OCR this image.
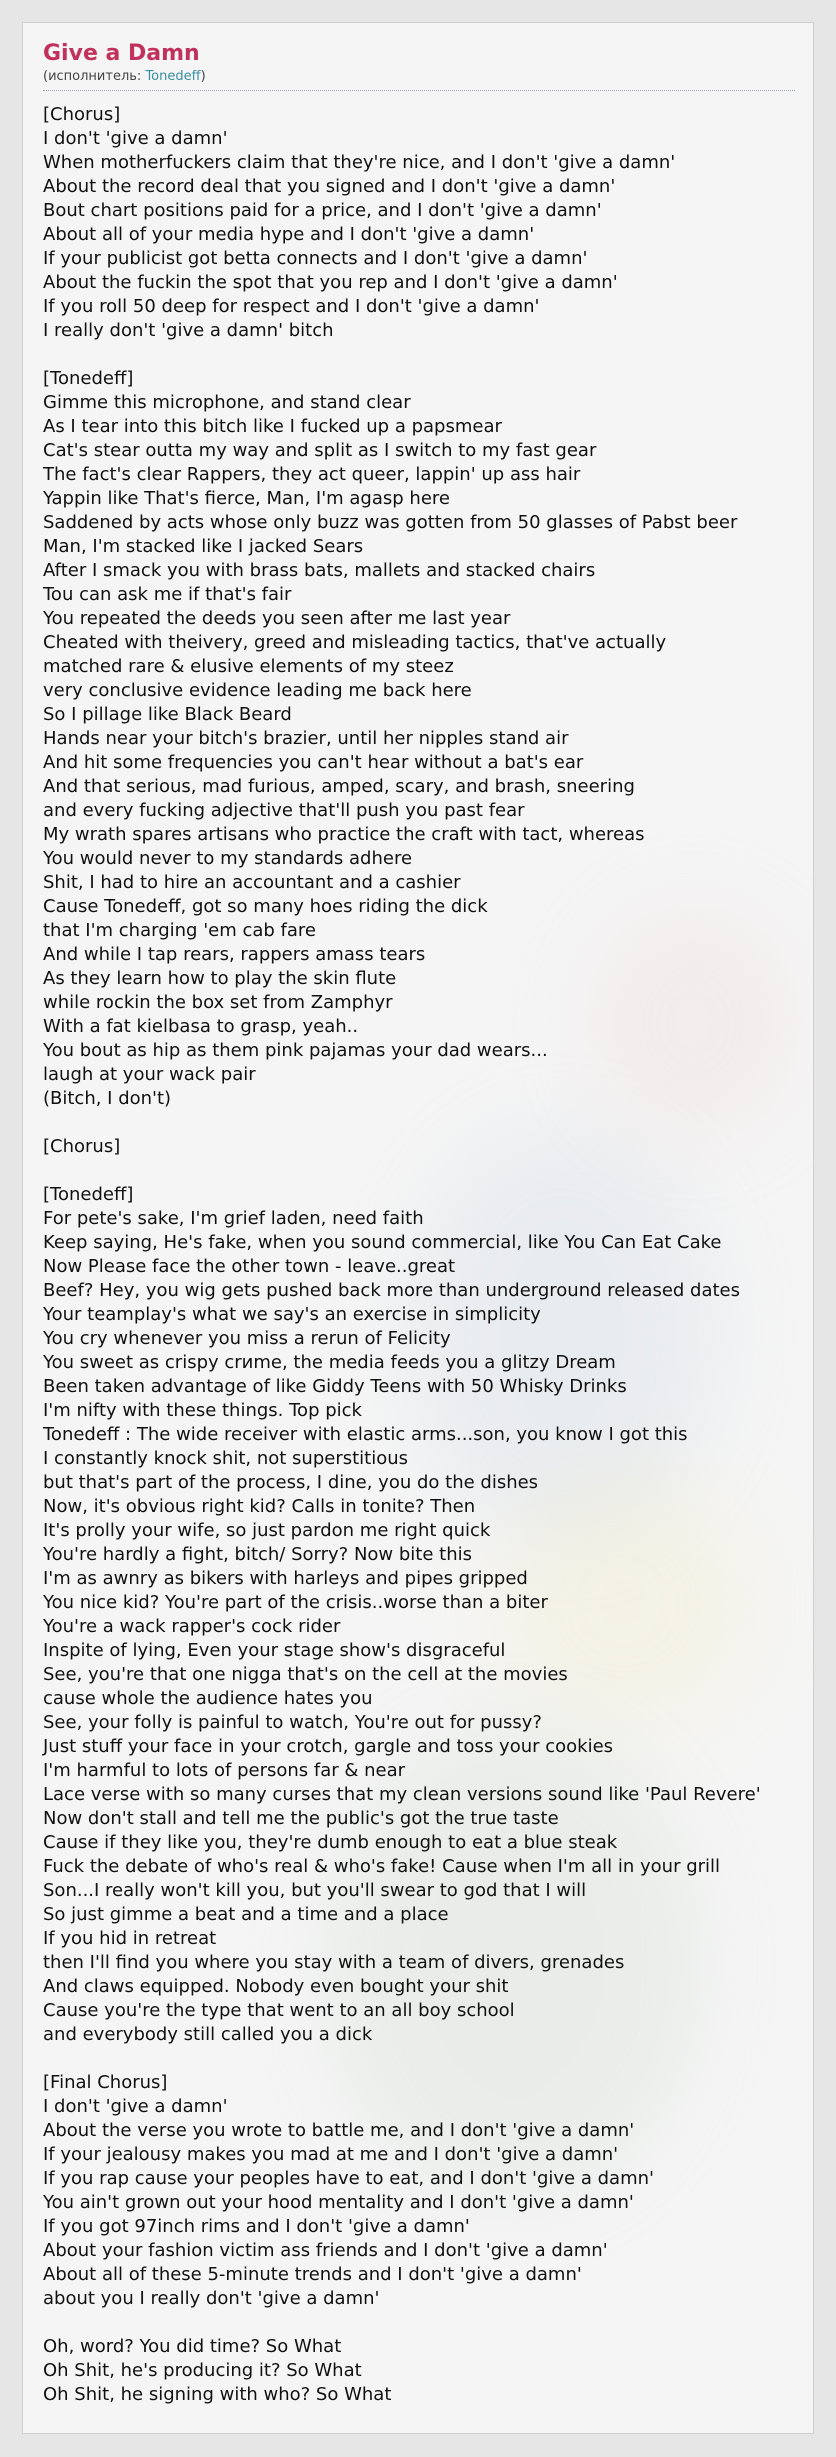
Give a Damn
(исполнитель: Tonedeff)
[Chorus]
I don't 'give a damn'
When motherfuckers claim that they're nice, and I don't 'give a damn'
About the record deal that you signed and I don't 'give a damn'
Bout chart positions paid for a price, and I don't 'give a damn'
About all of your media hype and I don't 'give a damn'
If your publicist got betta connects and I don't 'give a damn'
About the fuckin the spot that you rep and I don't 'give a damn'
If you roll 50 deep for respect and I don't 'give a damn'
I really don't 'give a damn' bitch
[Tonedeff]
Gimme this microphone, and stand clear
As I tear into this bitch like I fucked up a papsmear
Cat's stear outta my way and split as I switch to my fast gear
The fact's clear Rappers, they act queer, lappin' up ass hair
Yappin like That's fierce, Man, I'm agasp here
Saddened by acts whose only buzz was gotten from 50 glasses of Pabst beer
Man, I'm stacked like I jacked Sears
After I smack you with brass bats, mallets and stacked chairs
Tou can ask me if that's fair
You repeated the deeds you seen after me last year
Cheated with theivery, greed and misleading tactics, that've actually
matched rare & elusive elements of my steez
very conclusive evidence leading me back here
So I pillage like Black Beard
Hands near your bitch's brazier, until her nipples stand air
And hit some frequencies you can't hear without a bat's ear
And that serious, mad furious, amped, scary, and brash, sneering
and every fucking adjective that'll push you past fear
My wrath spares artisans who practice the craft with tact, whereas
You would never to my standards adhere
Shit, I had to hire an accountant and a cashier
Cause Tonedeff, got so many hoes riding the dick
that I'm charging 'em cab fare
And while I tap rears, rappers amass tears
As they learn how to play the skin flute
while rockin the box set from Zamphyr
With a fat kielbasa to grasp, yeah..
You bout as hip as them pink pajamas your dad wears...
laugh at your wack pair
(Bitch, I don't)
[Chorus]
[Tonedeff]
For pete's sake, I'm grief laden, need faith
Keep saying, He's fake, when you sound commercial, like You Can Eat Cake
Now Please face the other town - leave..great
Beef? Hey, you wig gets pushed back more than underground released dates
Your teamplay's what we say's an exercise in simplicity
You cry whenever you miss a rerun of Felicity
You sweet as crispy сrиme, the media feeds you a glitzy Dream
Been taken advantage of like Giddy Teens with 50 Whisky Drinks
I'm nifty with these things. Top pick
Tonedeff : The wide receiver with elastic arms...son, you know I got this
I constantly knock shit, not superstitious
but that's part of the process, I dine, you do the dishes
Now, it's obvious right kid? Calls in tonite? Then
It's prolly your wife, so just pardon me right quick
You're hardly a fight, bitch/ Sorry? Now bite this
I'm as awnry as bikers with harleys and pipes gripped
You nice kid? You're part of the crisis..worse than a biter
You're a wack rapper's cock rider
Inspite of lying, Even your stage show's disgraceful
See, you're that one nigga that's on the cell at the movies
cause whole the audience hates you
See, your folly is painful to watch, You're out for pussy?
Just stuff your face in your crotch, gargle and toss your cookies
I'm harmful to lots of persons far & near
Lace verse with so many curses that my clean versions sound like 'Paul Revere'
Now don't stall and tell me the public's got the true taste
Cause if they like you, they're dumb enough to eat a blue steak
Fuck the debate of who's real & who's fake! Cause when I'm all in your grill
Son...I really won't kill you, but you'll swear to god that I will
So just gimme a beat and a time and a place
If you hid in retreat
then I'll find you where you stay with a team of divers, grenades
And claws equipped. Nobody even bought your shit
Cause you're the type that went to an all boy school
and everybody still called you a dick
[Final Chorus]
I don't 'give a damn'
About the verse you wrote to battle me, and I don't 'give a damn'
If your jealousy makes you mad at me and I don't 'give a damn'
If you rap cause your peoples have to eat, and I don't 'give a damn'
You ain't grown out your hood mentality and I don't 'give a damn'
If you got 97inch rims and I don't 'give a damn'
About your fashion victim ass friends and I don't 'give a damn'
About all of these 5-minute trends and I don't 'give a damn'
about you I really don't 'give a damn'
Oh, word? You did time? So What
Oh Shit, he's producing it? So What
Oh Shit, he signing with who? So What
